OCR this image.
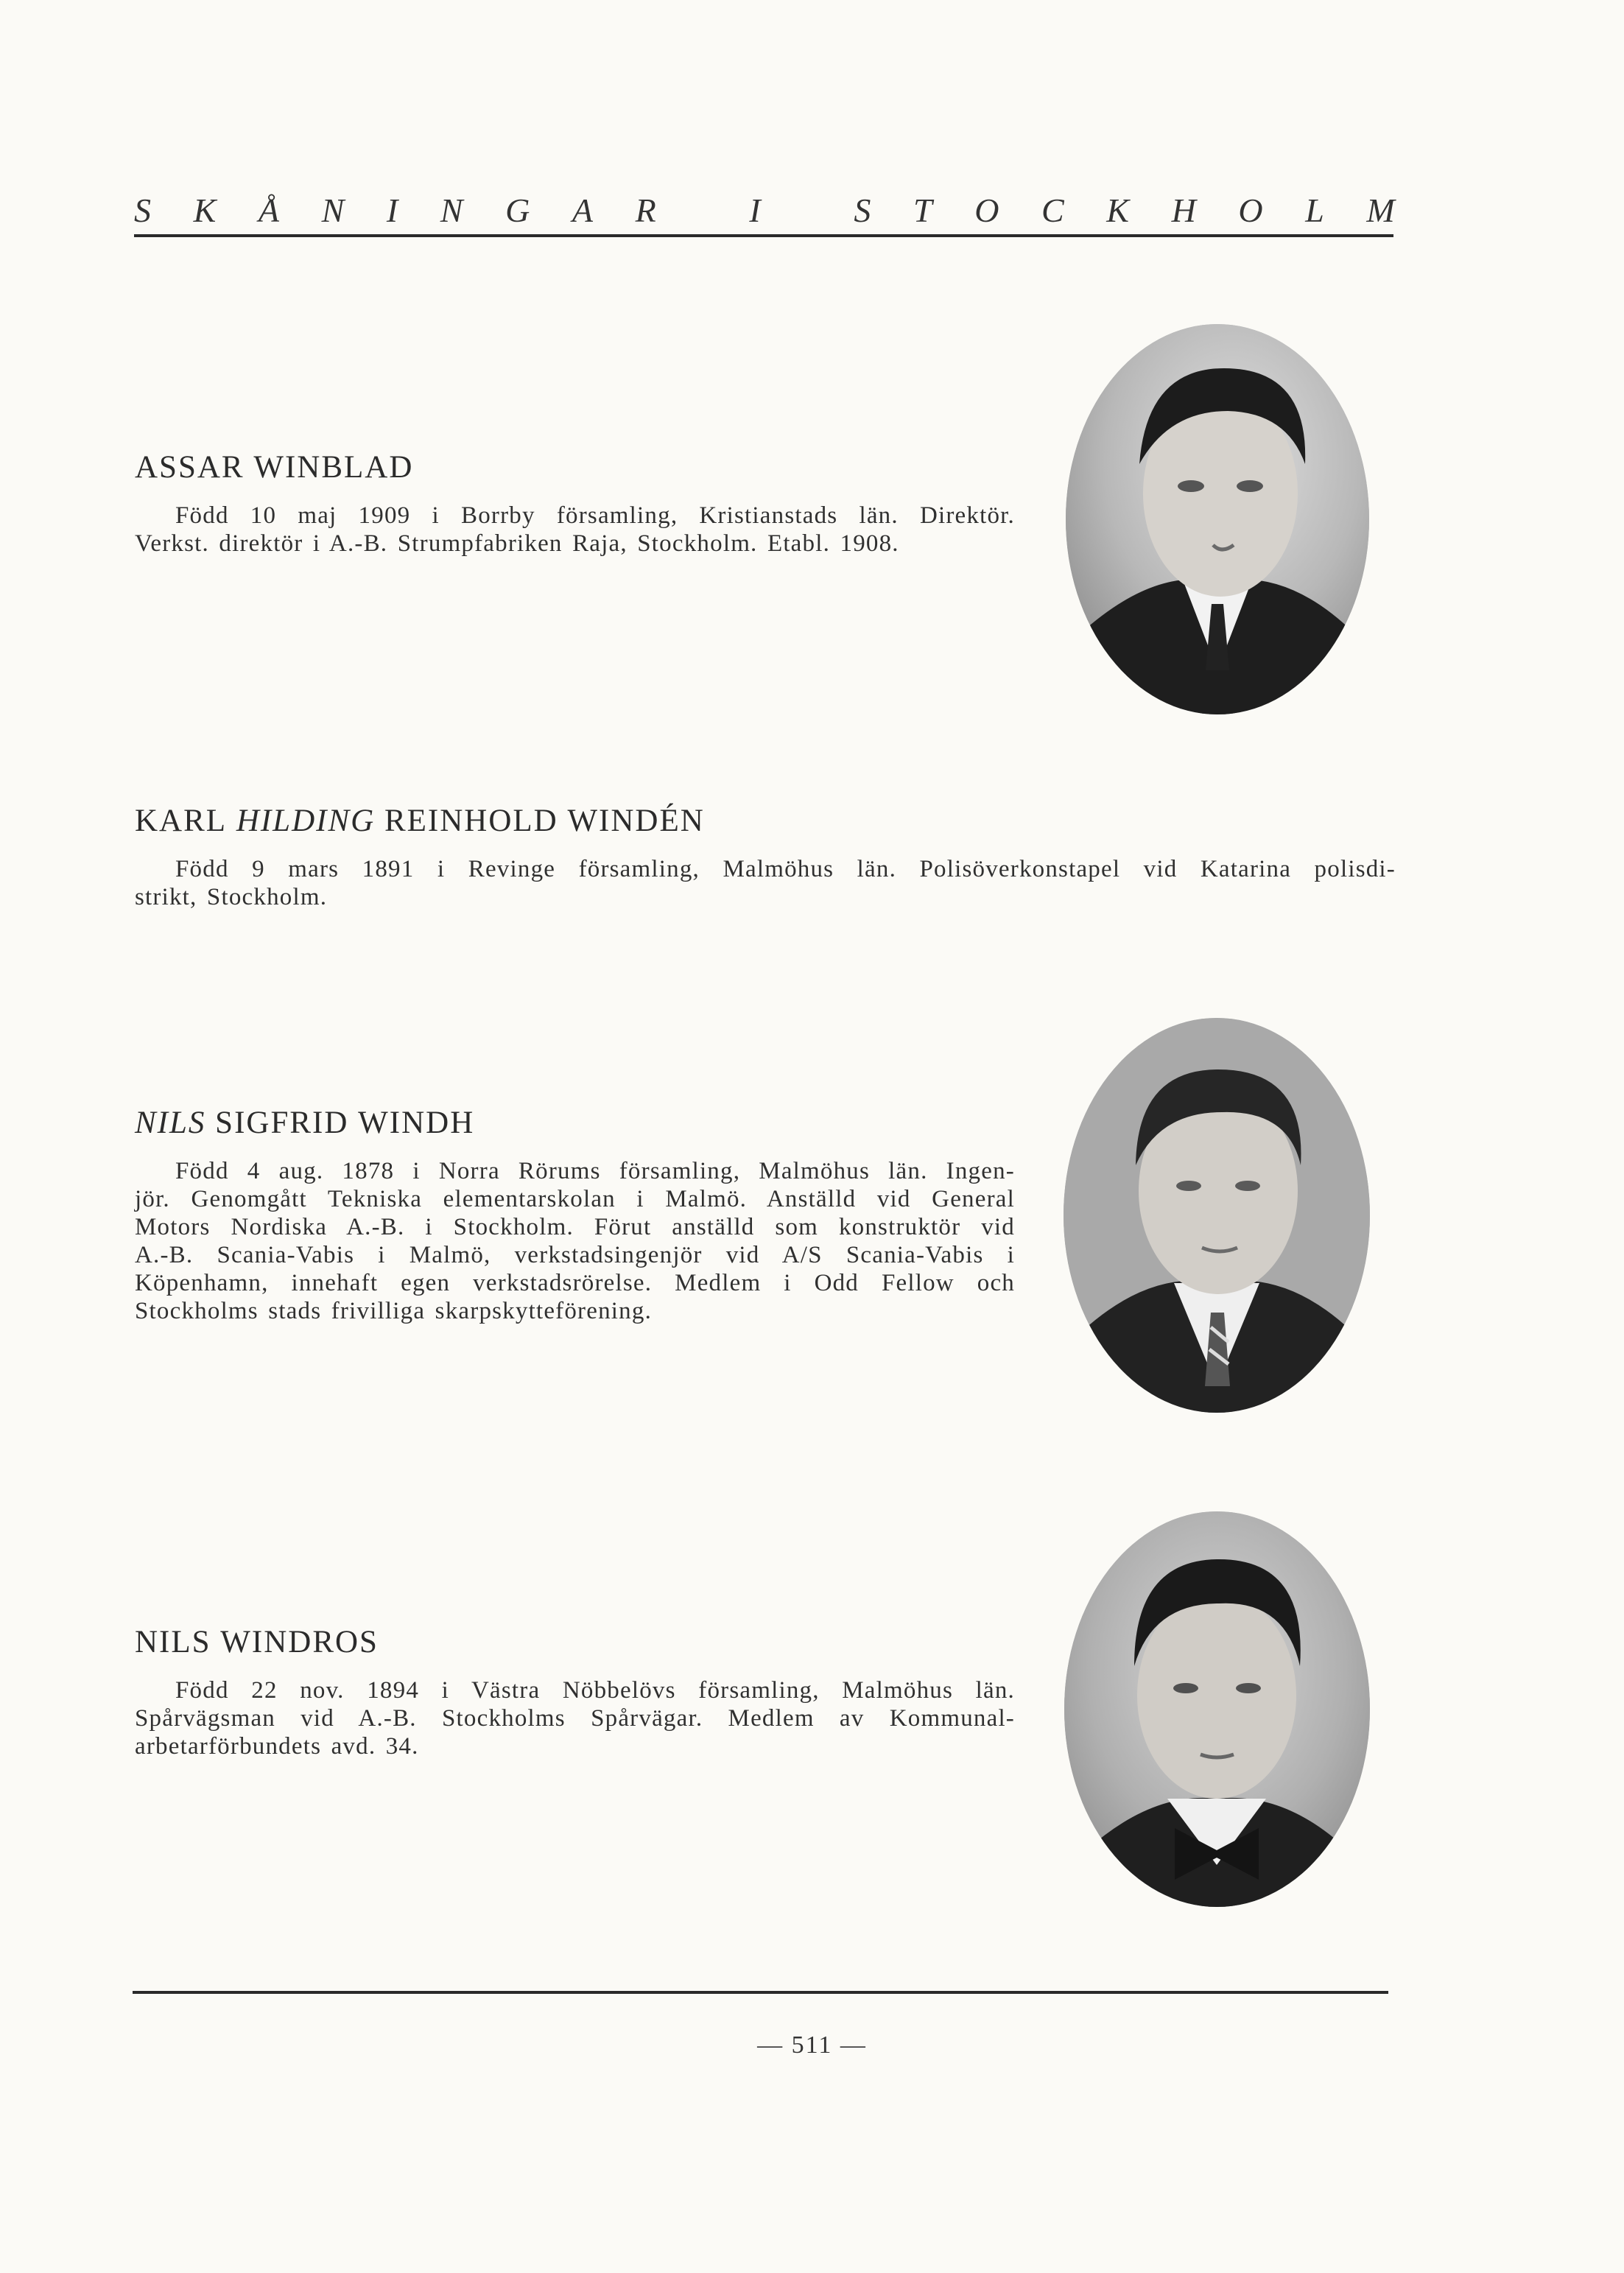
S K Å N I N G A R
	I
	S T O C K H O L M
ASSAR WINBLAD
Född 10 maj 1909 i Borrby församling, Kristianstads län. Direktör.
Verkst. direktör i A.-B. Strumpfabriken Raja, Stockholm. Etabl. 1908.
KARL HILDING REINHOLD WINDÉN
Född 9 mars 1891 i Revinge församling, Malmöhus län. Polisöverkonstapel vid Katarina polisdi-
strikt, Stockholm.
NILS SIGFRID WINDH
Född 4 aug. 1878 i Norra Rörums församling, Malmöhus län. Ingen-
jör. Genomgått Tekniska elementarskolan i Malmö. Anställd vid General
Motors Nordiska A.-B. i Stockholm. Förut anställd som konstruktör vid
A.-B. Scania-Vabis i Malmö, verkstadsingenjör vid A/S Scania-Vabis i
Köpenhamn, innehaft egen verkstadsrörelse. Medlem i Odd Fellow och
Stockholms stads frivilliga skarpskytteförening.
NILS WINDROS
Född 22 nov. 1894 i Västra Nöbbelövs församling, Malmöhus län.
Spårvägsman vid A.-B. Stockholms Spårvägar. Medlem av Kommunal-
arbetarförbundets avd. 34.
— 511 —
